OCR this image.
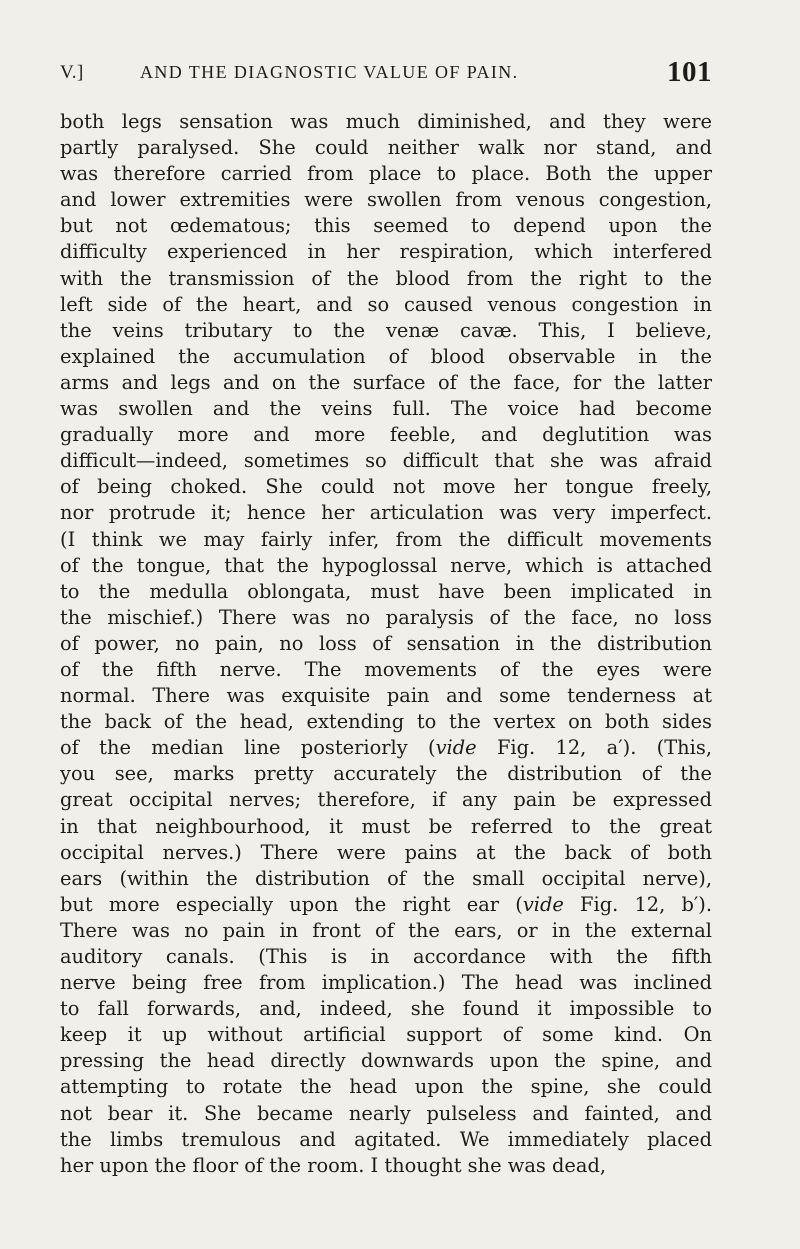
V.]	AND THE DIAGNOSTIC VALUE OF PAIN.	101
both legs sensation was much diminished, and they were
partly paralysed. She could neither walk nor stand, and
was therefore carried from place to place. Both the upper
and lower extremities were swollen from venous congestion,
but not œdematous; this seemed to depend upon the
difficulty experienced in her respiration, which interfered
with the transmission of the blood from the right to the
left side of the heart, and so caused venous congestion in
the veins tributary to the venæ cavæ. This, I believe,
explained the accumulation of blood observable in the
arms and legs and on the surface of the face, for the latter
was swollen and the veins full. The voice had become
gradually more and more feeble, and deglutition was
difficult—indeed, sometimes so difficult that she was afraid
of being choked. She could not move her tongue freely,
nor protrude it; hence her articulation was very imperfect.
(I think we may fairly infer, from the difficult movements
of the tongue, that the hypoglossal nerve, which is attached
to the medulla oblongata, must have been implicated in
the mischief.) There was no paralysis of the face, no loss
of power, no pain, no loss of sensation in the distribution
of the fifth nerve. The movements of the eyes were
normal. There was exquisite pain and some tenderness at
the back of the head, extending to the vertex on both sides
of the median line posteriorly (vide Fig. 12, a′). (This,
you see, marks pretty accurately the distribution of the
great occipital nerves; therefore, if any pain be expressed
in that neighbourhood, it must be referred to the great
occipital nerves.) There were pains at the back of both
ears (within the distribution of the small occipital nerve),
but more especially upon the right ear (vide Fig. 12, b′).
There was no pain in front of the ears, or in the external
auditory canals. (This is in accordance with the fifth
nerve being free from implication.) The head was inclined
to fall forwards, and, indeed, she found it impossible to
keep it up without artificial support of some kind. On
pressing the head directly downwards upon the spine, and
attempting to rotate the head upon the spine, she could
not bear it. She became nearly pulseless and fainted, and
the limbs tremulous and agitated. We immediately placed
her upon the floor of the room. I thought she was dead,
